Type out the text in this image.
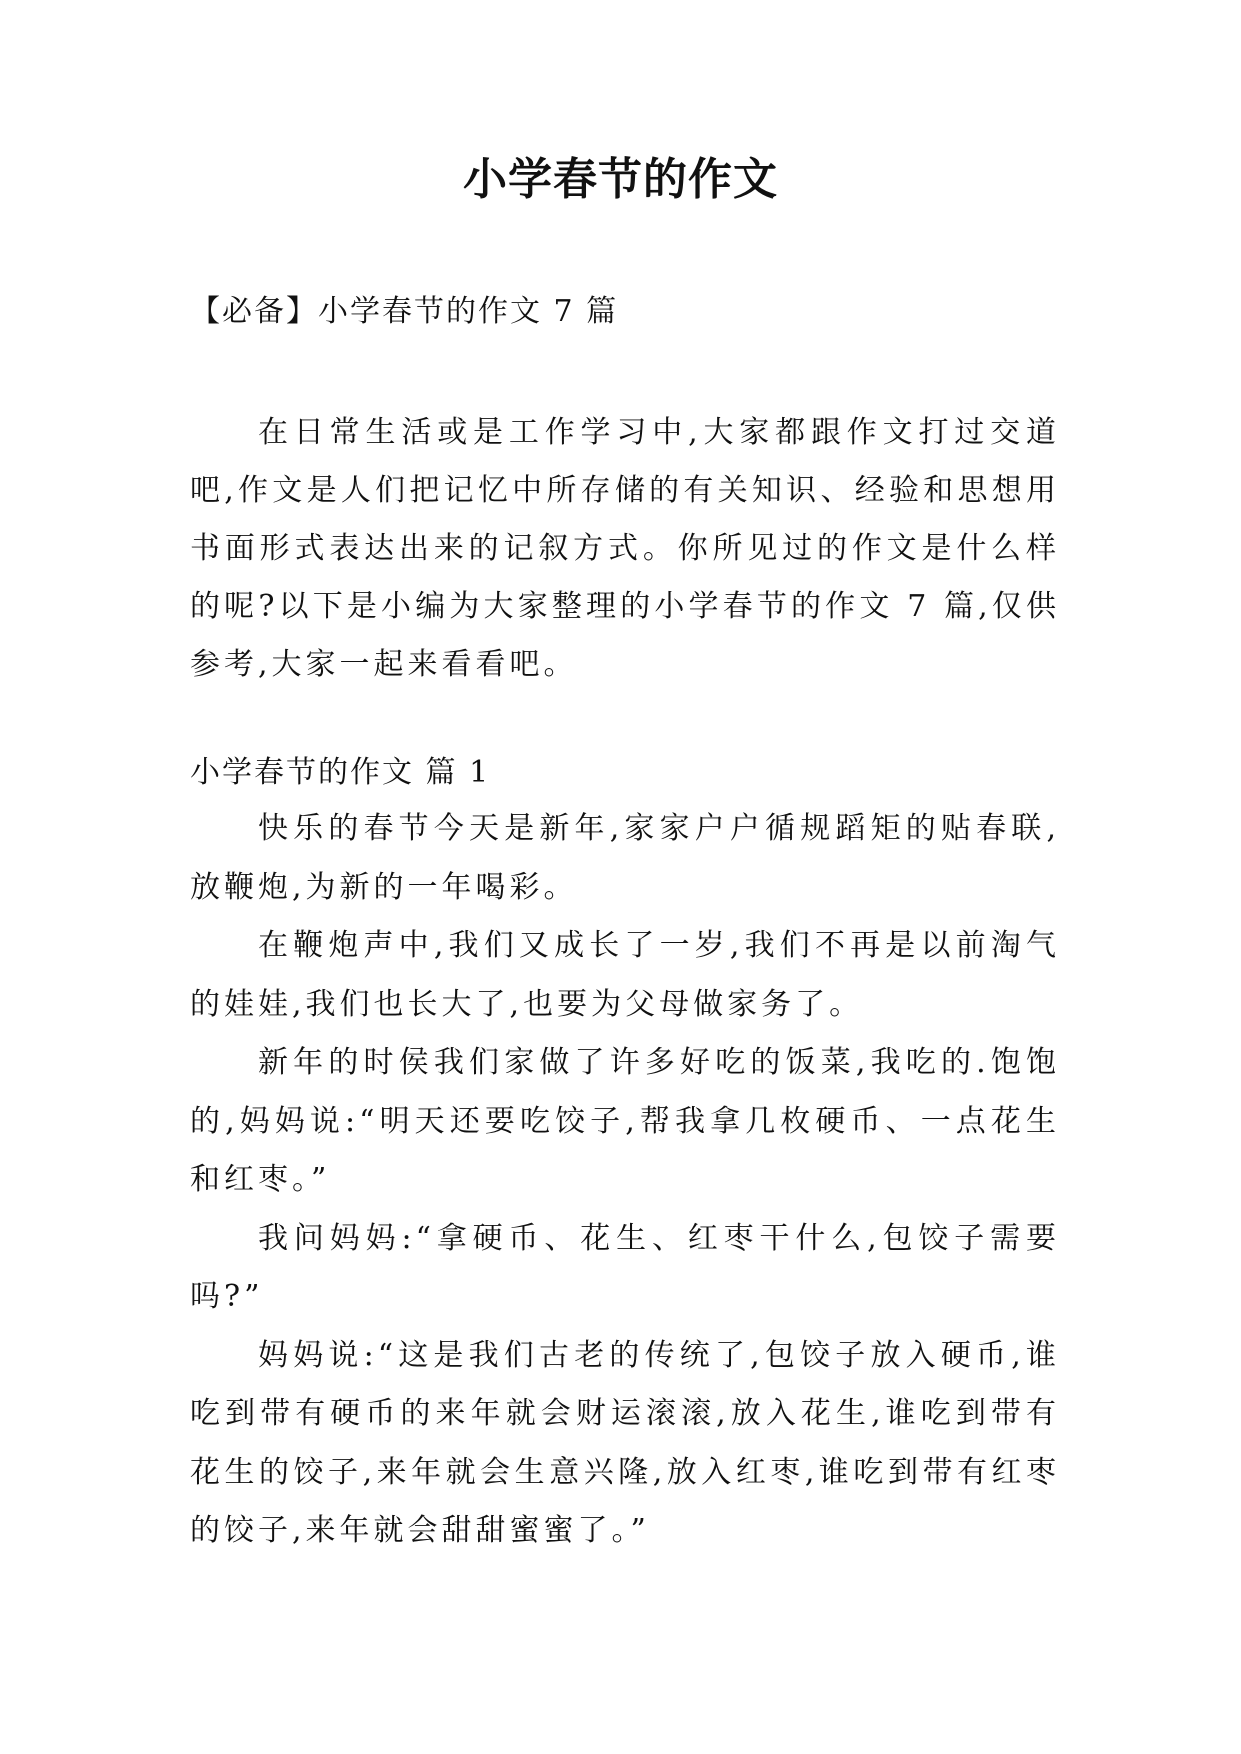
小学春节的作文
【必备】小学春节的作文 7 篇

在日常生活或是工作学习中,大家都跟作文打过交道吧,作文是人们把记忆中所存储的有关知识、经验和思想用书面形式表达出来的记叙方式。你所见过的作文是什么样的呢?以下是小编为大家整理的小学春节的作文 7 篇,仅供参考,大家一起来看看吧。

小学春节的作文 篇 1

快乐的春节今天是新年,家家户户循规蹈矩的贴春联,放鞭炮,为新的一年喝彩。

在鞭炮声中,我们又成长了一岁,我们不再是以前淘气的娃娃,我们也长大了,也要为父母做家务了。

新年的时侯我们家做了许多好吃的饭菜,我吃的.饱饱的,妈妈说:“明天还要吃饺子,帮我拿几枚硬币、一点花生和红枣。”

我问妈妈:“拿硬币、花生、红枣干什么,包饺子需要吗?”

妈妈说:“这是我们古老的传统了,包饺子放入硬币,谁吃到带有硬币的来年就会财运滚滚,放入花生,谁吃到带有花生的饺子,来年就会生意兴隆,放入红枣,谁吃到带有红枣的饺子,来年就会甜甜蜜蜜了。”
